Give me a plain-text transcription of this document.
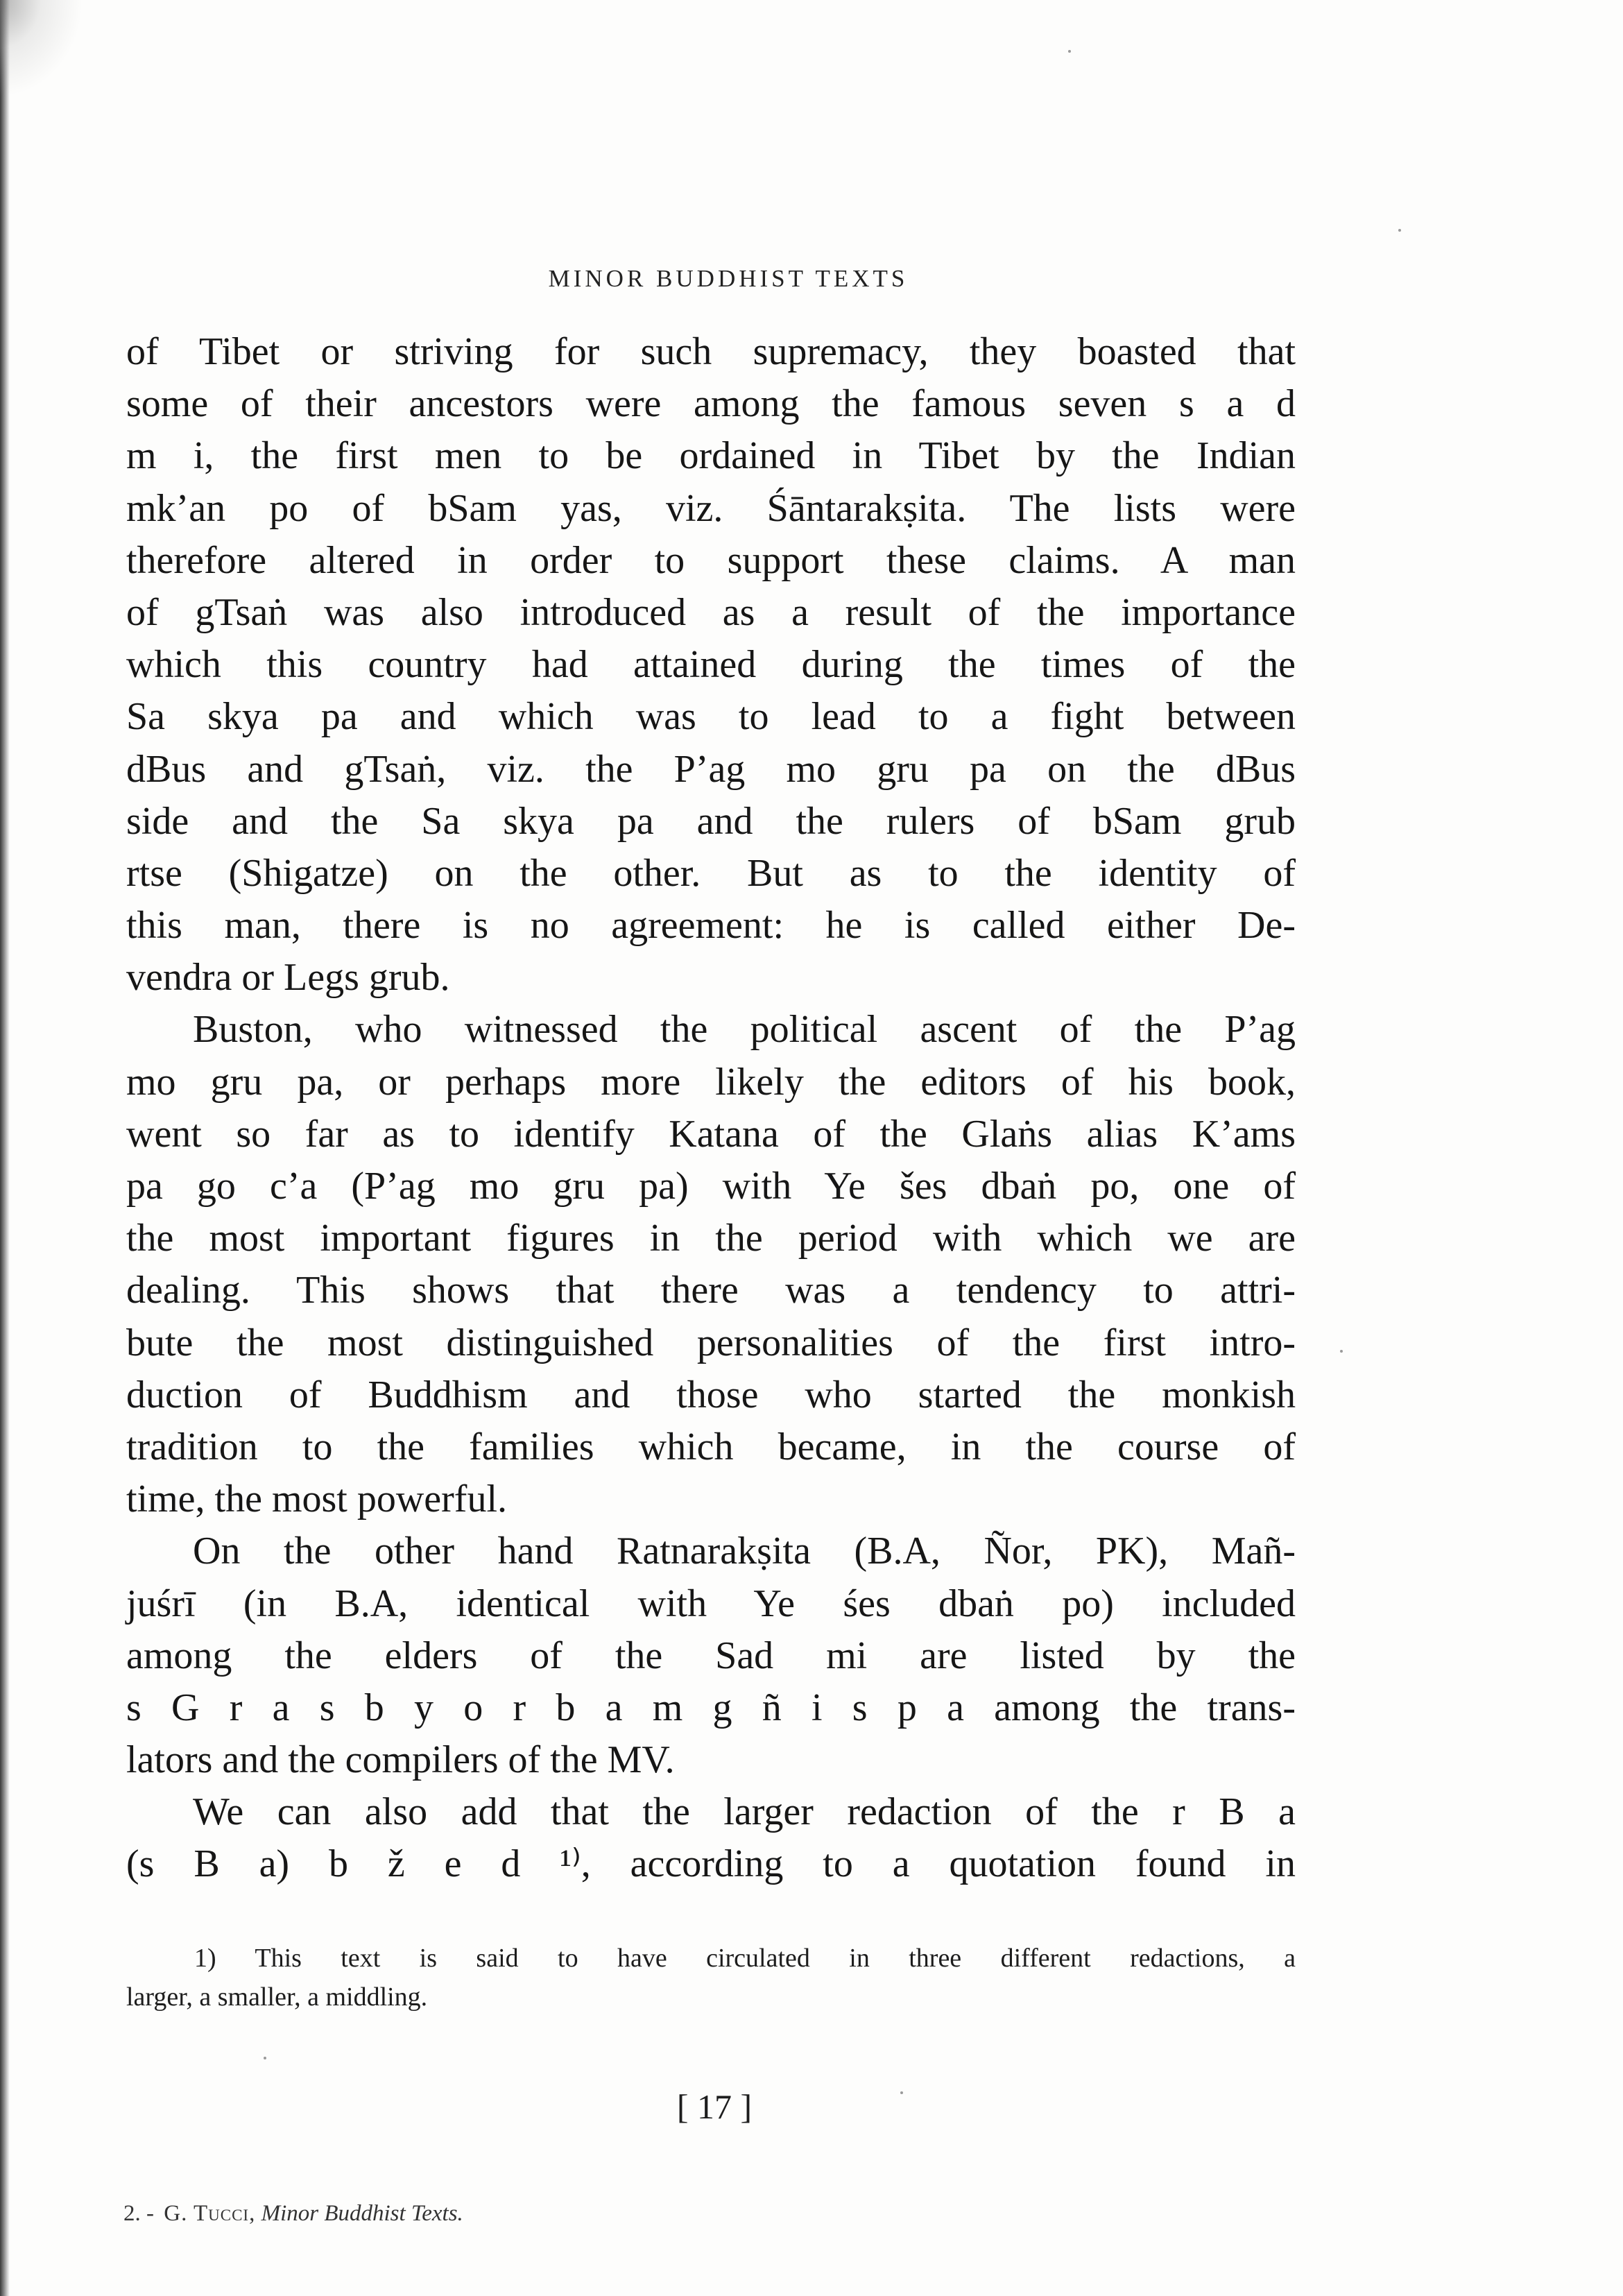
MINOR BUDDHIST TEXTS
of Tibet or striving for such supremacy, they boasted that
some of their ancestors were among the famous seven s a d
m i, the first men to be ordained in Tibet by the Indian
mk’an po of bSam yas, viz. Śāntarakṣita. The lists were
therefore altered in order to support these claims. A man
of gTsaṅ was also introduced as a result of the importance
which this country had attained during the times of the
Sa skya pa and which was to lead to a fight between
dBus and gTsaṅ, viz. the P’ag mo gru pa on the dBus
side and the Sa skya pa and the rulers of bSam grub
rtse (Shigatze) on the other. But as to the identity of
this man, there is no agreement: he is called either De-
vendra or Legs grub.
Buston, who witnessed the political ascent of the P’ag
mo gru pa, or perhaps more likely the editors of his book,
went so far as to identify Katana of the Glaṅs alias K’ams
pa go c’a (P’ag mo gru pa) with Ye šes dbaṅ po, one of
the most important figures in the period with which we are
dealing. This shows that there was a tendency to attri-
bute the most distinguished personalities of the first intro-
duction of Buddhism and those who started the monkish
tradition to the families which became, in the course of
time, the most powerful.
On the other hand Ratnarakṣita (B.A, Ñor, PK), Mañ-
juśrī (in B.A, identical with Ye śes dbaṅ po) included
among the elders of the Sad mi are listed by the
s G r a s b y o r b a m g ñ i s p a among the trans-
lators and the compilers of the MV.
We can also add that the larger redaction of the r B a
(s B a) b ž e d ¹⁾, according to a quotation found in
1) This text is said to have circulated in three different redactions, a
larger, a smaller, a middling.
[ 17 ]
2. - G. Tucci, Minor Buddhist Texts.
